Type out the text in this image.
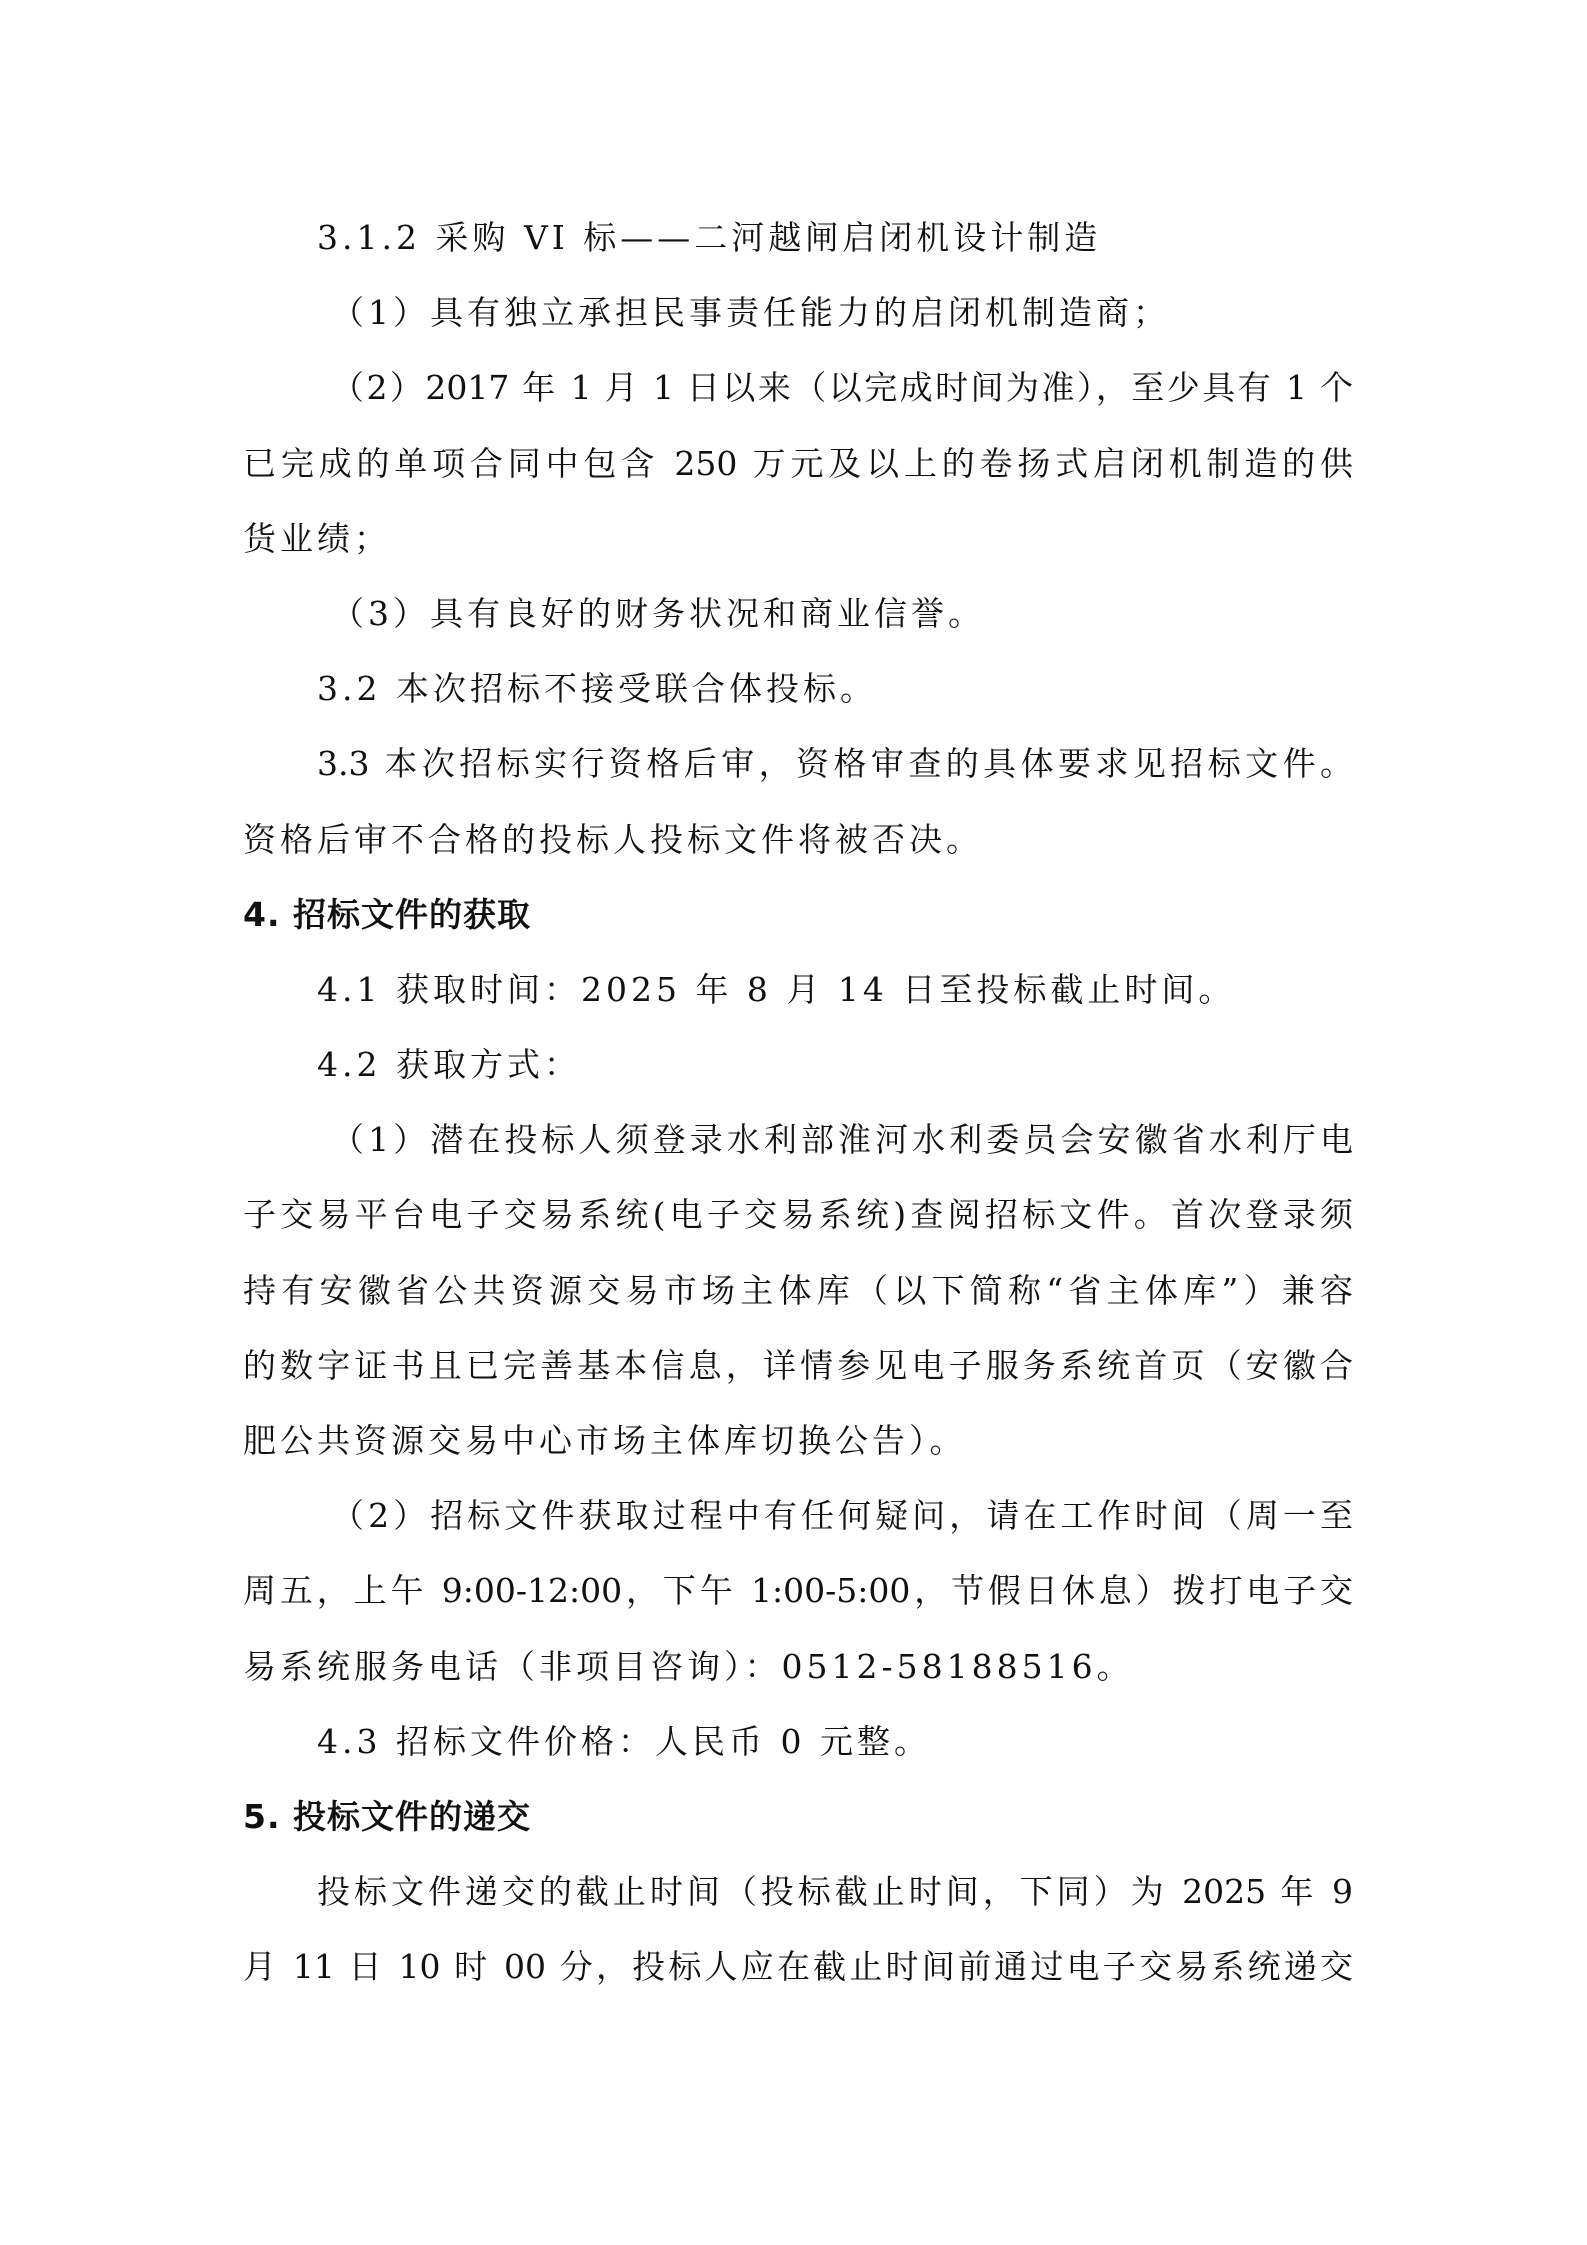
3.1.2 采购 VI 标——二河越闸启闭机设计制造
（1）具有独立承担民事责任能力的启闭机制造商；
（2）2017 年 1 月 1 日以来（以完成时间为准），至少具有 1 个
已完成的单项合同中包含 250 万元及以上的卷扬式启闭机制造的供
货业绩；
（3）具有良好的财务状况和商业信誉。
3.2 本次招标不接受联合体投标。
3.3 本次招标实行资格后审，资格审查的具体要求见招标文件。
资格后审不合格的投标人投标文件将被否决。
4. 招标文件的获取
4.1 获取时间：2025 年 8 月 14 日至投标截止时间。
4.2 获取方式：
（1）潜在投标人须登录水利部淮河水利委员会安徽省水利厅电
子交易平台电子交易系统(电子交易系统)查阅招标文件。首次登录须
持有安徽省公共资源交易市场主体库（以下简称“省主体库”）兼容
的数字证书且已完善基本信息，详情参见电子服务系统首页（安徽合
肥公共资源交易中心市场主体库切换公告）。
（2）招标文件获取过程中有任何疑问，请在工作时间（周一至
周五，上午 9:00-12:00，下午 1:00-5:00，节假日休息）拨打电子交
易系统服务电话（非项目咨询）：0512-58188516。
4.3 招标文件价格：人民币 0 元整。
5. 投标文件的递交
投标文件递交的截止时间（投标截止时间，下同）为 2025 年 9
月 11 日 10 时 00 分，投标人应在截止时间前通过电子交易系统递交
